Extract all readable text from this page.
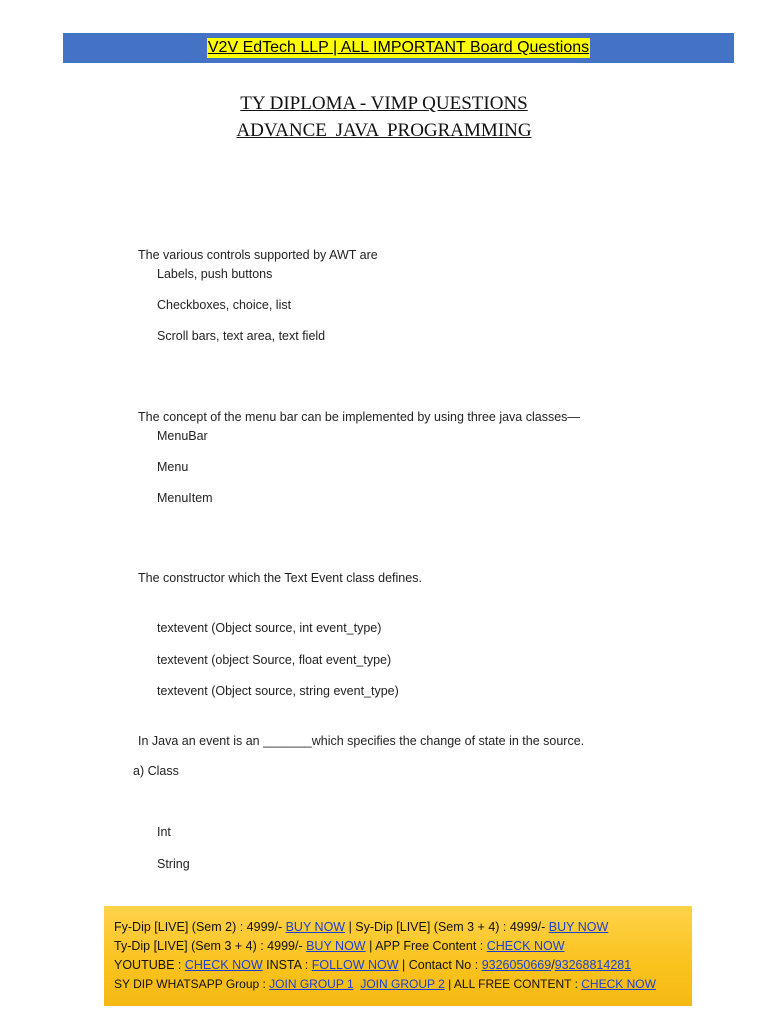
V2V EdTech LLP | ALL IMPORTANT Board Questions
TY DIPLOMA - VIMP QUESTIONS
ADVANCE JAVA PROGRAMMING
The various controls supported by AWT are
Labels, push buttons
Checkboxes, choice, list
Scroll bars, text area, text field
The concept of the menu bar can be implemented by using three java classes—
MenuBar
Menu
MenuItem
The constructor which the Text Event class defines.
textevent (Object source, int event_type)
textevent (object Source, float event_type)
textevent (Object source, string event_type)
In Java an event is an _______which specifies the change of state in the source.
a) Class
Int
String
Fy-Dip [LIVE] (Sem 2) : 4999/- BUY NOW | Sy-Dip [LIVE] (Sem 3 + 4) : 4999/- BUY NOW
Ty-Dip [LIVE] (Sem 3 + 4) : 4999/- BUY NOW | APP Free Content : CHECK NOW
YOUTUBE : CHECK NOW INSTA : FOLLOW NOW | Contact No : 9326050669/93268814281
SY DIP WHATSAPP Group : JOIN GROUP 1 JOIN GROUP 2 | ALL FREE CONTENT : CHECK NOW
